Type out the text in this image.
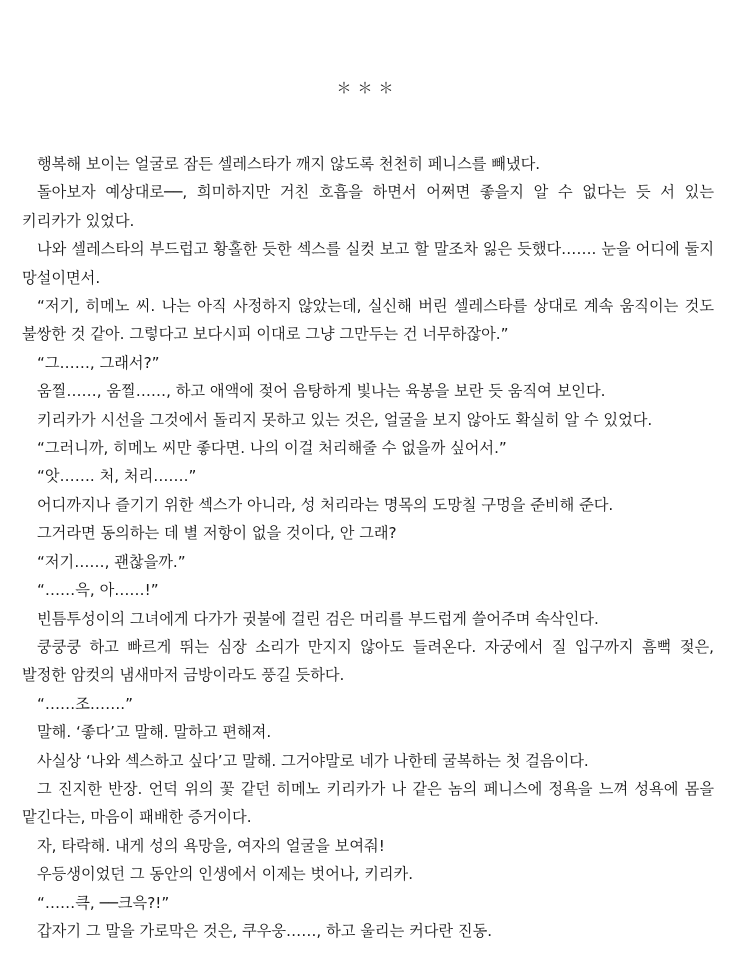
＊＊＊

행복해 보이는 얼굴로 잠든 셀레스타가 깨지 않도록 천천히 페니스를 빼냈다.

돌아보자 예상대로──, 희미하지만 거친 호흡을 하면서 어쩌면 좋을지 알 수 없다는 듯 서 있는 키리카가 있었다.

나와 셀레스타의 부드럽고 황홀한 듯한 섹스를 실컷 보고 할 말조차 잃은 듯했다……. 눈을 어디에 둘지 망설이면서.

“저기, 히메노 씨. 나는 아직 사정하지 않았는데, 실신해 버린 셀레스타를 상대로 계속 움직이는 것도 불쌍한 것 같아. 그렇다고 보다시피 이대로 그냥 그만두는 건 너무하잖아.”

“그……, 그래서?”

움찔……, 움찔……, 하고 애액에 젖어 음탕하게 빛나는 육봉을 보란 듯 움직여 보인다.

키리카가 시선을 그것에서 돌리지 못하고 있는 것은, 얼굴을 보지 않아도 확실히 알 수 있었다.

“그러니까, 히메노 씨만 좋다면. 나의 이걸 처리해줄 수 없을까 싶어서.”

“앗……. 처, 처리…….”

어디까지나 즐기기 위한 섹스가 아니라, 성 처리라는 명목의 도망칠 구멍을 준비해 준다.

그거라면 동의하는 데 별 저항이 없을 것이다, 안 그래?

“저기……, 괜찮을까.”

“……윽, 아……!”

빈틈투성이의 그녀에게 다가가 귓불에 걸린 검은 머리를 부드럽게 쓸어주며 속삭인다.

쿵쿵쿵 하고 빠르게 뛰는 심장 소리가 만지지 않아도 들려온다. 자궁에서 질 입구까지 흠뻑 젖은, 발정한 암컷의 냄새마저 금방이라도 풍길 듯하다.

“……조…….”

말해. ‘좋다’고 말해. 말하고 편해져.

사실상 ‘나와 섹스하고 싶다’고 말해. 그거야말로 네가 나한테 굴복하는 첫 걸음이다.

그 진지한 반장. 언덕 위의 꽃 같던 히메노 키리카가 나 같은 놈의 페니스에 정욕을 느껴 성욕에 몸을 맡긴다는, 마음이 패배한 증거이다.

자, 타락해. 내게 성의 욕망을, 여자의 얼굴을 보여줘!

우등생이었던 그 동안의 인생에서 이제는 벗어나, 키리카.

“……큭, ──크윽?!”

갑자기 그 말을 가로막은 것은, 쿠우웅……, 하고 울리는 커다란 진동.
